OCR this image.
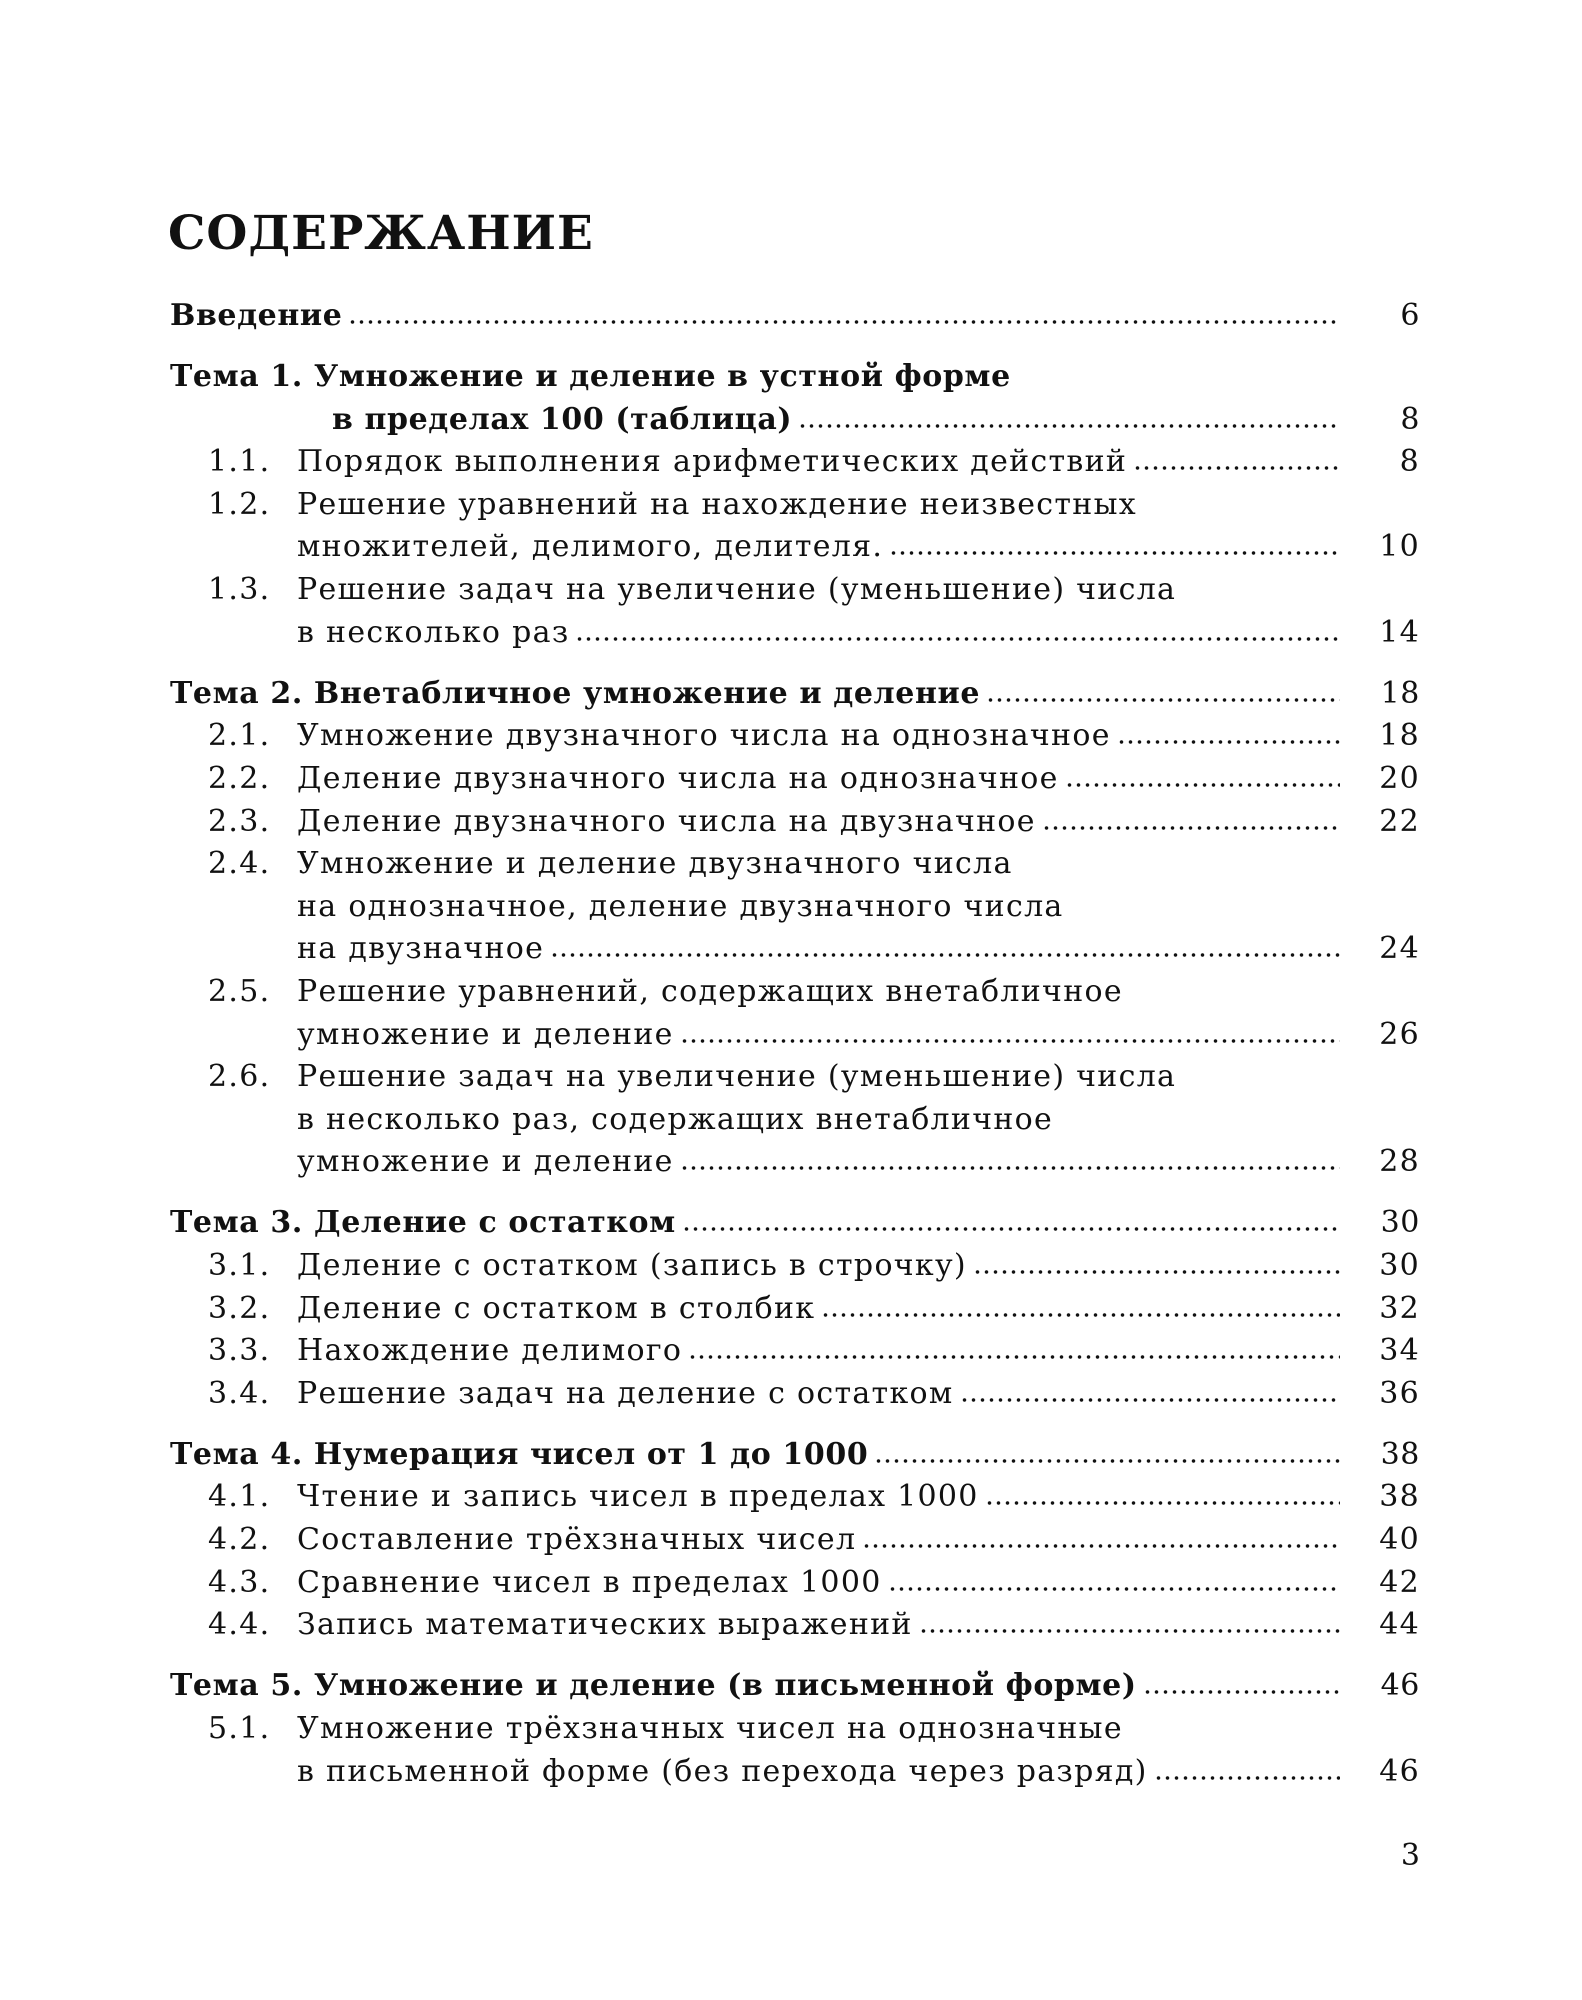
СОДЕРЖАНИЕ
Введение	6
Тема 1.
Умножение и деление в устной форме
в пределах 100 (таблица)	8
1.1. Порядок выполнения арифметических действий	8
1.2. Решение уравнений на нахождение неизвестных
множителей, делимого, делителя.	10
1.3. Решение задач на увеличение (уменьшение) числа
в несколько раз	14
Тема 2.
Внетабличное умножение и деление	18
2.1. Умножение двузначного числа на однозначное	18
2.2. Деление двузначного числа на однозначное	20
2.3. Деление двузначного числа на двузначное	22
2.4. Умножение и деление двузначного числа
на однозначное, деление двузначного числа
на двузначное	24
2.5. Решение уравнений, содержащих внетабличное
умножение и деление	26
2.6. Решение задач на увеличение (уменьшение) числа
в несколько раз, содержащих внетабличное
умножение и деление	28
Тема 3.
Деление с остатком	30
3.1. Деление с остатком (запись в строчку)	30
3.2. Деление с остатком в столбик	32
3.3. Нахождение делимого	34
3.4. Решение задач на деление с остатком	36
Тема 4.
Нумерация чисел от 1 до 1000	38
4.1. Чтение и запись чисел в пределах 1000	38
4.2. Составление трёхзначных чисел	40
4.3. Сравнение чисел в пределах 1000	42
4.4. Запись математических выражений	44
Тема 5.
Умножение и деление (в письменной форме)	46
5.1. Умножение трёхзначных чисел на однозначные
в письменной форме (без перехода через разряд)	46
3
